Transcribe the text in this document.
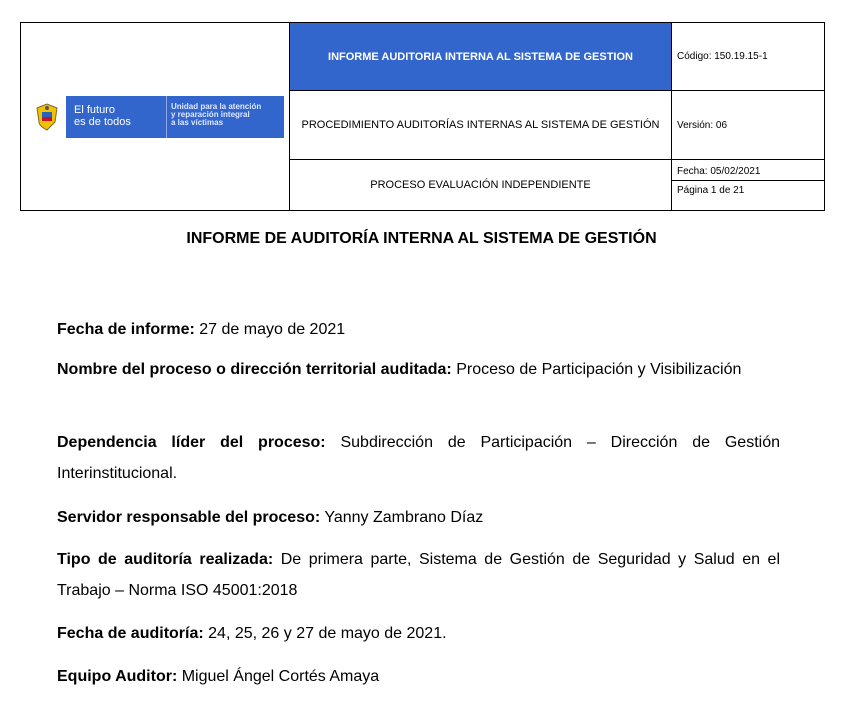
El futuro
es de todos
Unidad para la atención
y reparación integral
a las víctimas	INFORME AUDITORIA INTERNA AL SISTEMA DE GESTION	Código: 150.19.15-1
	PROCEDIMIENTO AUDITORÍAS INTERNAS AL SISTEMA DE GESTIÓN	Versión: 06
	PROCESO EVALUACIÓN INDEPENDIENTE	Fecha: 05/02/2021
Página 1 de 21
INFORME DE AUDITORÍA INTERNA AL SISTEMA DE GESTIÓN
Fecha de informe: 27 de mayo de 2021
Nombre del proceso o dirección territorial auditada: Proceso de Participación y Visibilización
Dependencia líder del proceso: Subdirección de Participación – Dirección de Gestión Interinstitucional.
Servidor responsable del proceso: Yanny Zambrano Díaz
Tipo de auditoría realizada: De primera parte, Sistema de Gestión de Seguridad y Salud en el Trabajo – Norma ISO 45001:2018
Fecha de auditoría: 24, 25, 26 y 27 de mayo de 2021.
Equipo Auditor: Miguel Ángel Cortés Amaya
